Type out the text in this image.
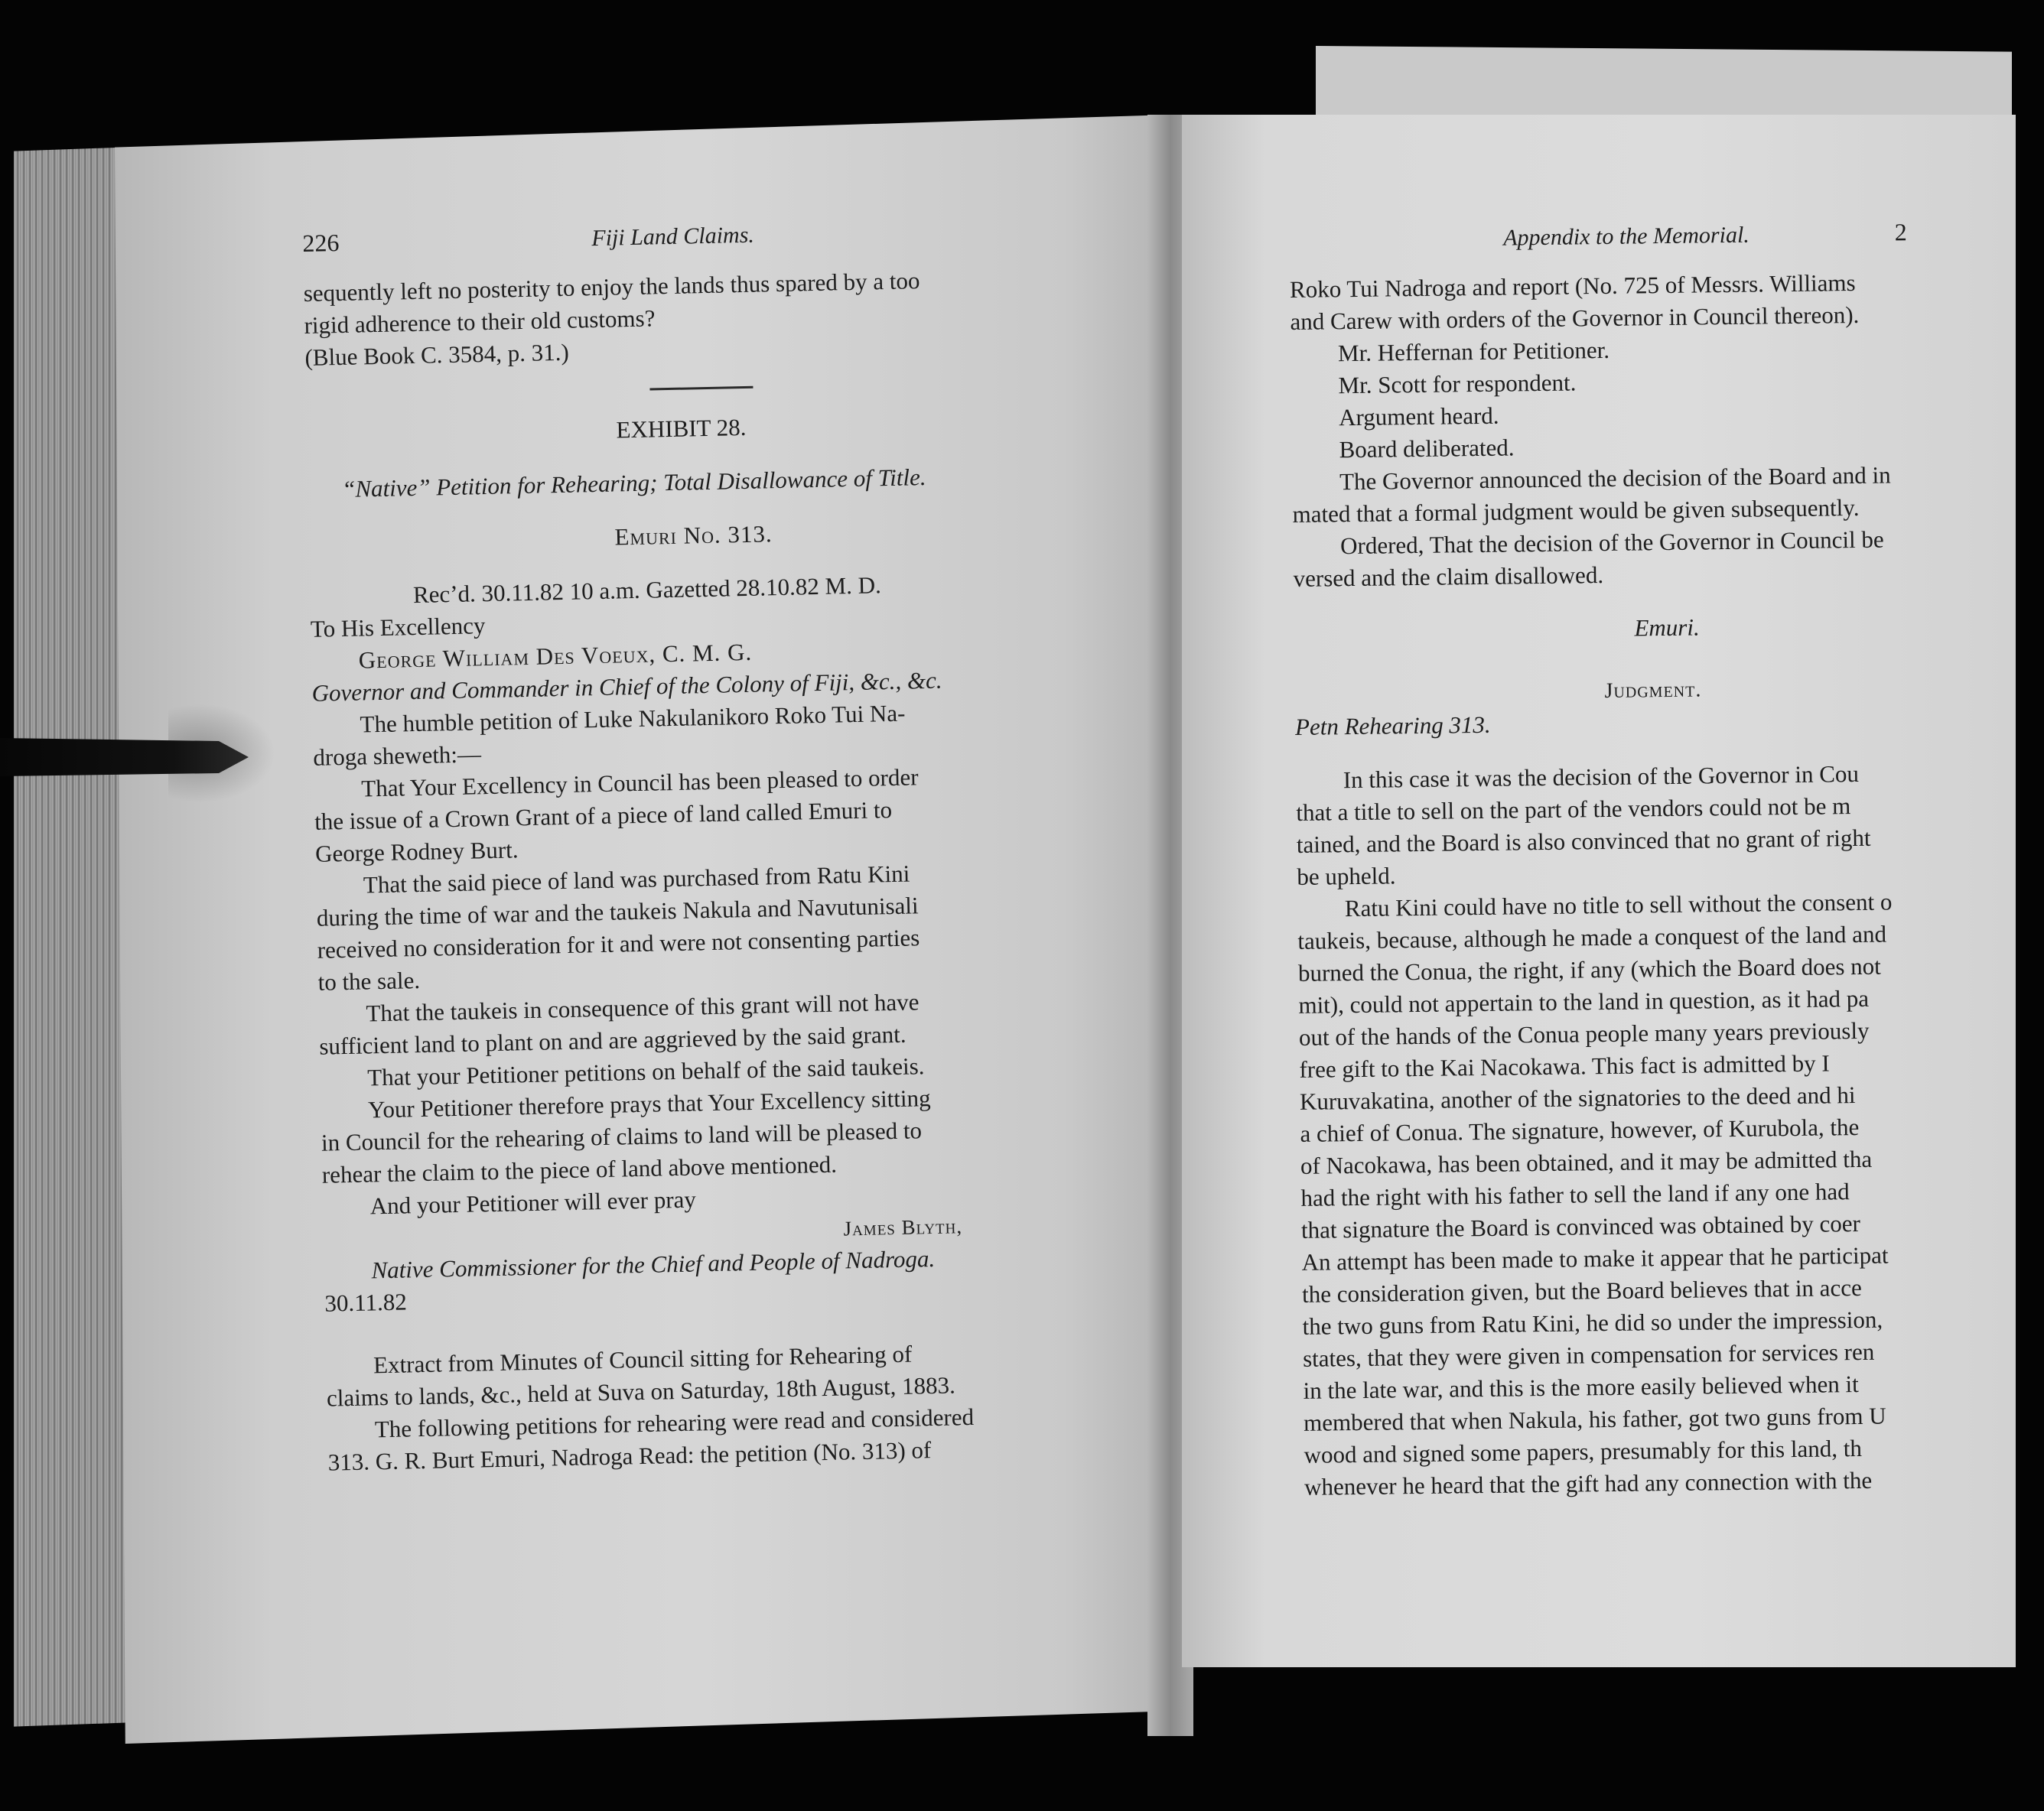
226	Fiji Land Claims.
sequently left no posterity to enjoy the lands thus spared by a too
rigid adherence to their old customs?
(Blue Book C. 3584, p. 31.)
EXHIBIT 28.
“Native” Petition for Rehearing; Total Disallowance of Title.
Emuri No. 313.
Rec’d. 30.11.82 10 a.m. Gazetted 28.10.82 M. D.
To His Excellency
George William Des Voeux, C. M. G.
Governor and Commander in Chief of the Colony of Fiji, &c., &c.
The humble petition of Luke Nakulanikoro Roko Tui Na-
droga sheweth:—
That Your Excellency in Council has been pleased to order
the issue of a Crown Grant of a piece of land called Emuri to
George Rodney Burt.
That the said piece of land was purchased from Ratu Kini
during the time of war and the taukeis Nakula and Navutunisali
received no consideration for it and were not consenting parties
to the sale.
That the taukeis in consequence of this grant will not have
sufficient land to plant on and are aggrieved by the said grant.
That your Petitioner petitions on behalf of the said taukeis.
Your Petitioner therefore prays that Your Excellency sitting
in Council for the rehearing of claims to land will be pleased to
rehear the claim to the piece of land above mentioned.
And your Petitioner will ever pray
James Blyth,
Native Commissioner for the Chief and People of Nadroga.
30.11.82
Extract from Minutes of Council sitting for Rehearing of
claims to lands, &c., held at Suva on Saturday, 18th August, 1883.
The following petitions for rehearing were read and considered
313. G. R. Burt Emuri, Nadroga Read: the petition (No. 313) of
Appendix to the Memorial.	2
Roko Tui Nadroga and report (No. 725 of Messrs. Williams
and Carew with orders of the Governor in Council thereon).
Mr. Heffernan for Petitioner.
Mr. Scott for respondent.
Argument heard.
Board deliberated.
The Governor announced the decision of the Board and in
mated that a formal judgment would be given subsequently.
Ordered, That the decision of the Governor in Council be
versed and the claim disallowed.
Emuri.
Judgment.
Petn Rehearing 313.
In this case it was the decision of the Governor in Cou
that a title to sell on the part of the vendors could not be m
tained, and the Board is also convinced that no grant of right
be upheld.
Ratu Kini could have no title to sell without the consent o
taukeis, because, although he made a conquest of the land and
burned the Conua, the right, if any (which the Board does not
mit), could not appertain to the land in question, as it had pa
out of the hands of the Conua people many years previously
free gift to the Kai Nacokawa. This fact is admitted by I
Kuruvakatina, another of the signatories to the deed and hi
a chief of Conua. The signature, however, of Kurubola, the
of Nacokawa, has been obtained, and it may be admitted tha
had the right with his father to sell the land if any one had
that signature the Board is convinced was obtained by coer
An attempt has been made to make it appear that he participat
the consideration given, but the Board believes that in acce
the two guns from Ratu Kini, he did so under the impression,
states, that they were given in compensation for services ren
in the late war, and this is the more easily believed when it
membered that when Nakula, his father, got two guns from U
wood and signed some papers, presumably for this land, th
whenever he heard that the gift had any connection with the
